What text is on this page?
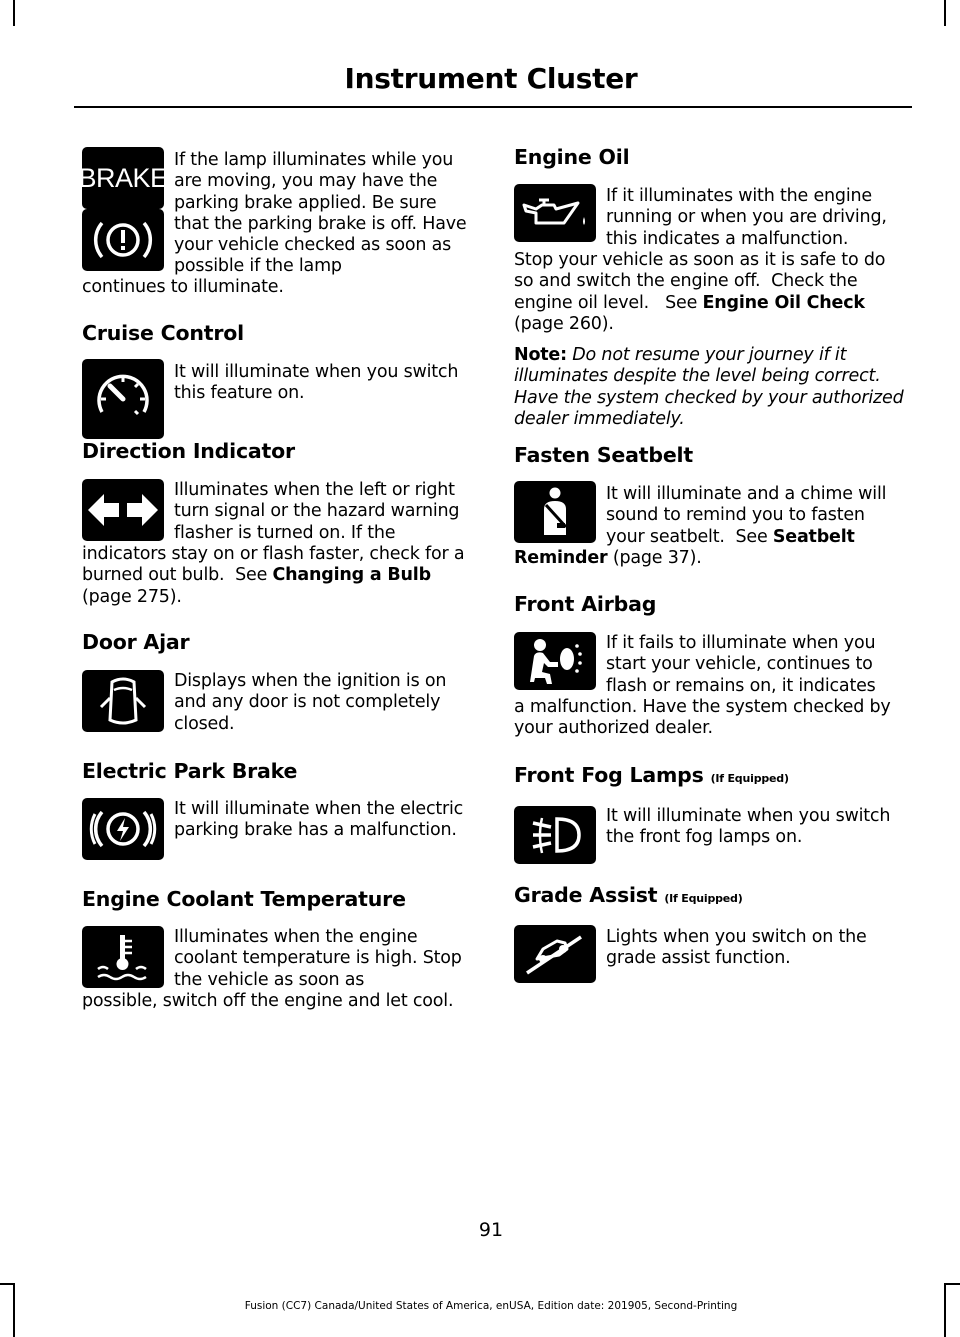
Instrument Cluster
BRAKE

If the lamp illuminates while you are moving, you may have the parking brake applied. Be sure that the parking brake is off. Have your vehicle checked as soon as possible if the lamp

continues to illuminate.

Cruise Control

It will illuminate when you switch this feature on.

Direction Indicator

Illuminates when the left or right turn signal or the hazard warning flasher is turned on. If the

indicators stay on or flash faster, check for a burned out bulb.  See Changing a Bulb (page 275).

Door Ajar

Displays when the ignition is on and any door is not completely closed.

Electric Park Brake

It will illuminate when the electric parking brake has a malfunction.

Engine Coolant Temperature

Illuminates when the engine coolant temperature is high. Stop the vehicle as soon as

possible, switch off the engine and let cool.

Engine Oil

If it illuminates with the engine running or when you are driving, this indicates a malfunction.

Stop your vehicle as soon as it is safe to do so and switch the engine off.  Check the engine oil level.   See Engine Oil Check (page 260).

Note: Do not resume your journey if it illuminates despite the level being correct. Have the system checked by your authorized dealer immediately.

Fasten Seatbelt

It will illuminate and a chime will sound to remind you to fasten your seatbelt.  See Seatbelt

Reminder (page 37).

Front Airbag

If it fails to illuminate when you start your vehicle, continues to flash or remains on, it indicates

a malfunction. Have the system checked by your authorized dealer.

Front Fog Lamps (If Equipped)

It will illuminate when you switch the front fog lamps on.

Grade Assist (If Equipped)

Lights when you switch on the grade assist function.

91
Fusion (CC7) Canada/United States of America, enUSA, Edition date: 201905, Second-Printing
